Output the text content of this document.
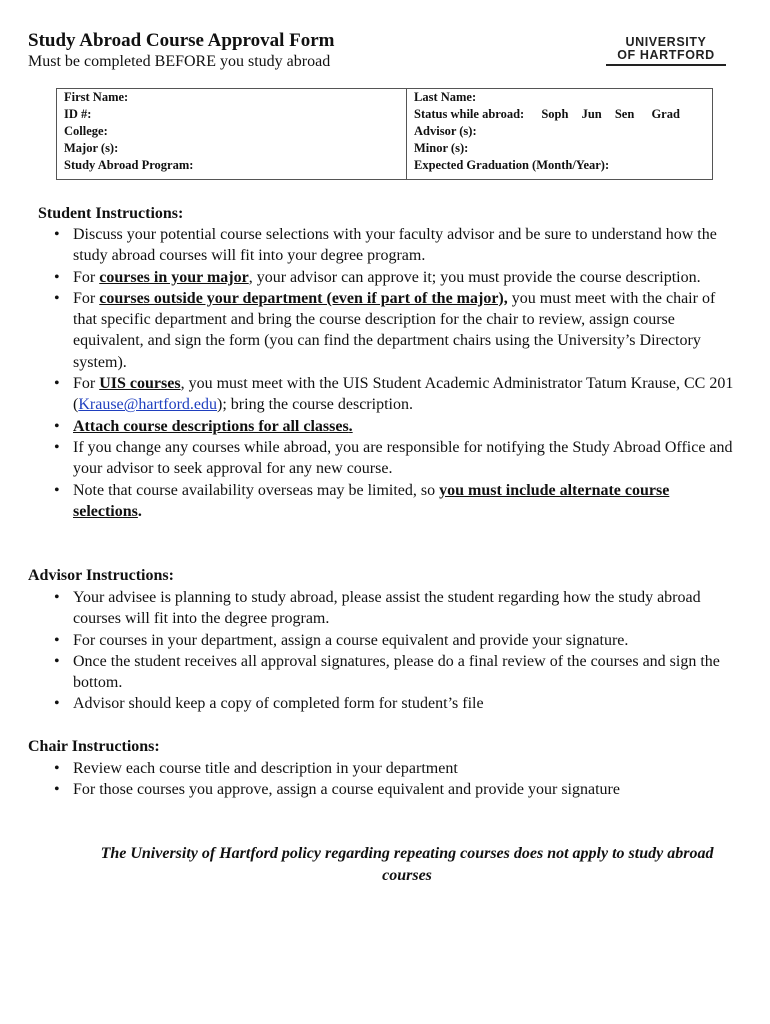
Study Abroad Course Approval Form
Must be completed BEFORE you study abroad
UNIVERSITY
OF HARTFORD
First Name:	Last Name:
ID #:	Status while abroad: Soph Jun Sen Grad
College:	Advisor (s):
Major (s):	Minor (s):
Study Abroad Program:	Expected Graduation (Month/Year):
Student Instructions:
• Discuss your potential course selections with your faculty advisor and be sure to understand how the study abroad courses will fit into your degree program.
• For courses in your major, your advisor can approve it; you must provide the course description.
• For courses outside your department (even if part of the major), you must meet with the chair of that specific department and bring the course description for the chair to review, assign course equivalent, and sign the form (you can find the department chairs using the University’s Directory system).
• For UIS courses, you must meet with the UIS Student Academic Administrator Tatum Krause, CC 201 (Krause@hartford.edu); bring the course description.
• Attach course descriptions for all classes.
• If you change any courses while abroad, you are responsible for notifying the Study Abroad Office and your advisor to seek approval for any new course.
• Note that course availability overseas may be limited, so you must include alternate course selections.
Advisor Instructions:
• Your advisee is planning to study abroad, please assist the student regarding how the study abroad courses will fit into the degree program.
• For courses in your department, assign a course equivalent and provide your signature.
• Once the student receives all approval signatures, please do a final review of the courses and sign the bottom.
• Advisor should keep a copy of completed form for student’s file
Chair Instructions:
• Review each course title and description in your department
• For those courses you approve, assign a course equivalent and provide your signature
The University of Hartford policy regarding repeating courses does not apply to study abroad courses
